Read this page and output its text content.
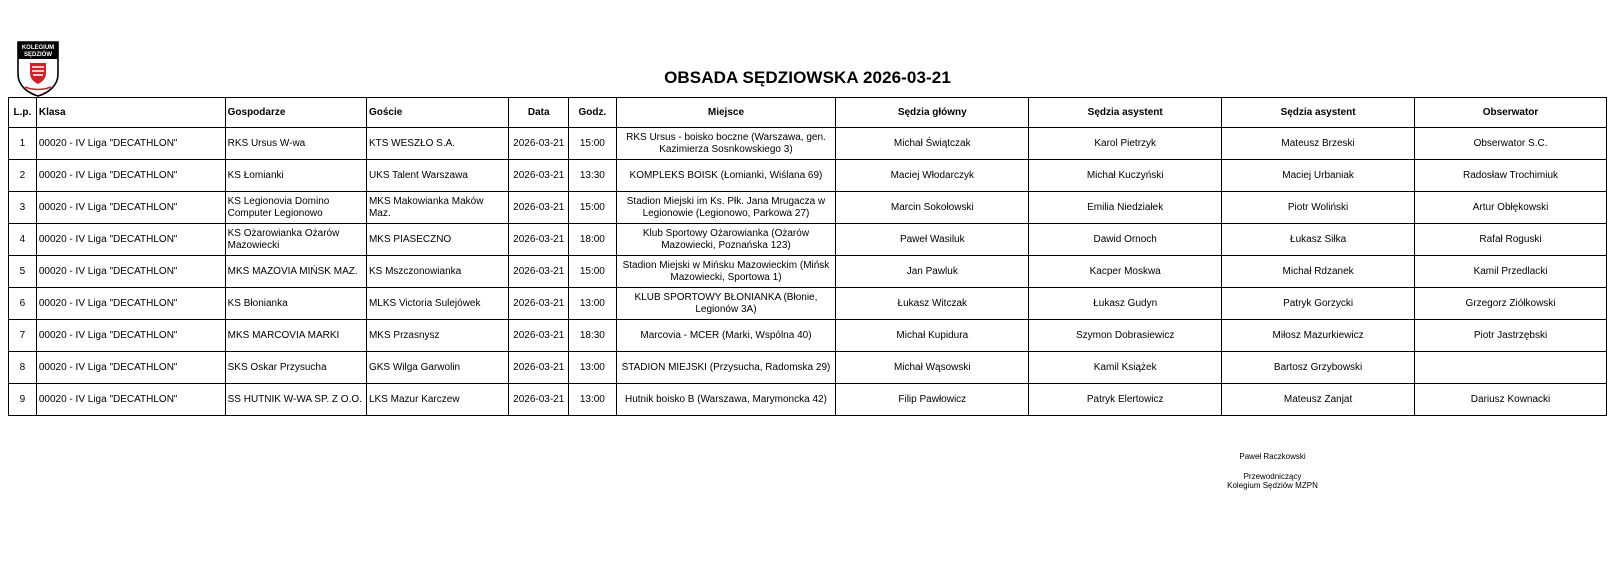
KOLEGIUM
SĘDZIÓW
OBSADA SĘDZIOWSKA 2026-03-21
L.p.	Klasa	Gospodarze	Goście	Data	Godz.	Miejsce	Sędzia główny	Sędzia asystent	Sędzia asystent	Obserwator
1	00020 - IV Liga "DECATHLON"	RKS Ursus W-wa	KTS WESZŁO S.A.	2026-03-21	15:00	RKS Ursus - boisko boczne (Warszawa, gen. Kazimierza Sosnkowskiego 3)	Michał Świątczak	Karol Pietrzyk	Mateusz Brzeski	Obserwator S.C.
2	00020 - IV Liga "DECATHLON"	KS Łomianki	UKS Talent Warszawa	2026-03-21	13:30	KOMPLEKS BOISK (Łomianki, Wiślana 69)	Maciej Włodarczyk	Michał Kuczyński	Maciej Urbaniak	Radosław Trochimiuk
3	00020 - IV Liga "DECATHLON"	KS Legionovia Domino Computer Legionowo	MKS Makowianka Maków Maz.	2026-03-21	15:00	Stadion Miejski im Ks. Płk. Jana Mrugacza w Legionowie (Legionowo, Parkowa 27)	Marcin Sokołowski	Emilia Niedziałek	Piotr Woliński	Artur Obłękowski
4	00020 - IV Liga "DECATHLON"	KS Ożarowianka Ożarów Mazowiecki	MKS PIASECZNO	2026-03-21	18:00	Klub Sportowy Ożarowianka (Ożarów Mazowiecki, Poznańska 123)	Paweł Wasiluk	Dawid Ornoch	Łukasz Siłka	Rafał Roguski
5	00020 - IV Liga "DECATHLON"	MKS MAZOVIA MIŃSK MAZ.	KS Mszczonowianka	2026-03-21	15:00	Stadion Miejski w Mińsku Mazowieckim (Mińsk Mazowiecki, Sportowa 1)	Jan Pawluk	Kacper Moskwa	Michał Rdzanek	Kamil Przedlacki
6	00020 - IV Liga "DECATHLON"	KS Błonianka	MLKS Victoria Sulejówek	2026-03-21	13:00	KLUB SPORTOWY BŁONIANKA (Błonie, Legionów 3A)	Łukasz Witczak	Łukasz Gudyn	Patryk Gorzycki	Grzegorz Ziółkowski
7	00020 - IV Liga "DECATHLON"	MKS MARCOVIA MARKI	MKS Przasnysz	2026-03-21	18:30	Marcovia - MCER (Marki, Wspólna 40)	Michał Kupidura	Szymon Dobrasiewicz	Miłosz Mazurkiewicz	Piotr Jastrzębski
8	00020 - IV Liga "DECATHLON"	SKS Oskar Przysucha	GKS Wilga Garwolin	2026-03-21	13:00	STADION MIEJSKI (Przysucha, Radomska 29)	Michał Wąsowski	Kamil Książek	Bartosz Grzybowski	
9	00020 - IV Liga "DECATHLON"	SS HUTNIK W-WA SP. Z O.O.	LKS Mazur Karczew	2026-03-21	13:00	Hutnik boisko B (Warszawa, Marymoncka 42)	Filip Pawłowicz	Patryk Elertowicz	Mateusz Zanjat	Dariusz Kownacki
Paweł Raczkowski
Przewodniczący
Kolegium Sędziów MZPN
